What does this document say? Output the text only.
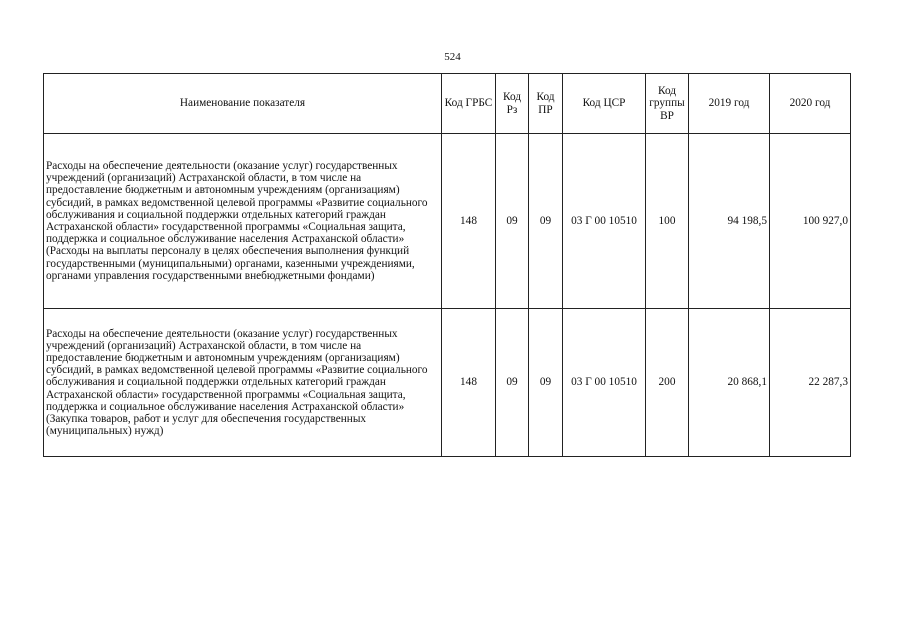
524
Наименование показателя	Код ГРБС	Код Рз	Код ПР	Код ЦСР	Код группы ВР	2019 год	2020 год
Расходы на обеспечение деятельности (оказание услуг) государственных учреждений (организаций) Астраханской области, в том числе на предоставление бюджетным и автономным учреждениям (организациям) субсидий, в рамках ведомственной целевой программы «Развитие социального обслуживания и социальной поддержки отдельных категорий граждан Астраханской области» государственной программы «Социальная защита, поддержка и социальное обслуживание населения Астраханской области» (Расходы на выплаты персоналу в целях обеспечения выполнения функций государственными (муниципальными) органами, казенными учреждениями, органами управления государственными внебюджетными фондами)	148	09	09	03 Г 00 10510	100	94 198,5	100 927,0
Расходы на обеспечение деятельности (оказание услуг) государственных учреждений (организаций) Астраханской области, в том числе на предоставление бюджетным и автономным учреждениям (организациям) субсидий, в рамках ведомственной целевой программы «Развитие социального обслуживания и социальной поддержки отдельных категорий граждан Астраханской области» государственной программы «Социальная защита, поддержка и социальное обслуживание населения Астраханской области» (Закупка товаров, работ и услуг для обеспечения государственных (муниципальных) нужд)	148	09	09	03 Г 00 10510	200	20 868,1	22 287,3
